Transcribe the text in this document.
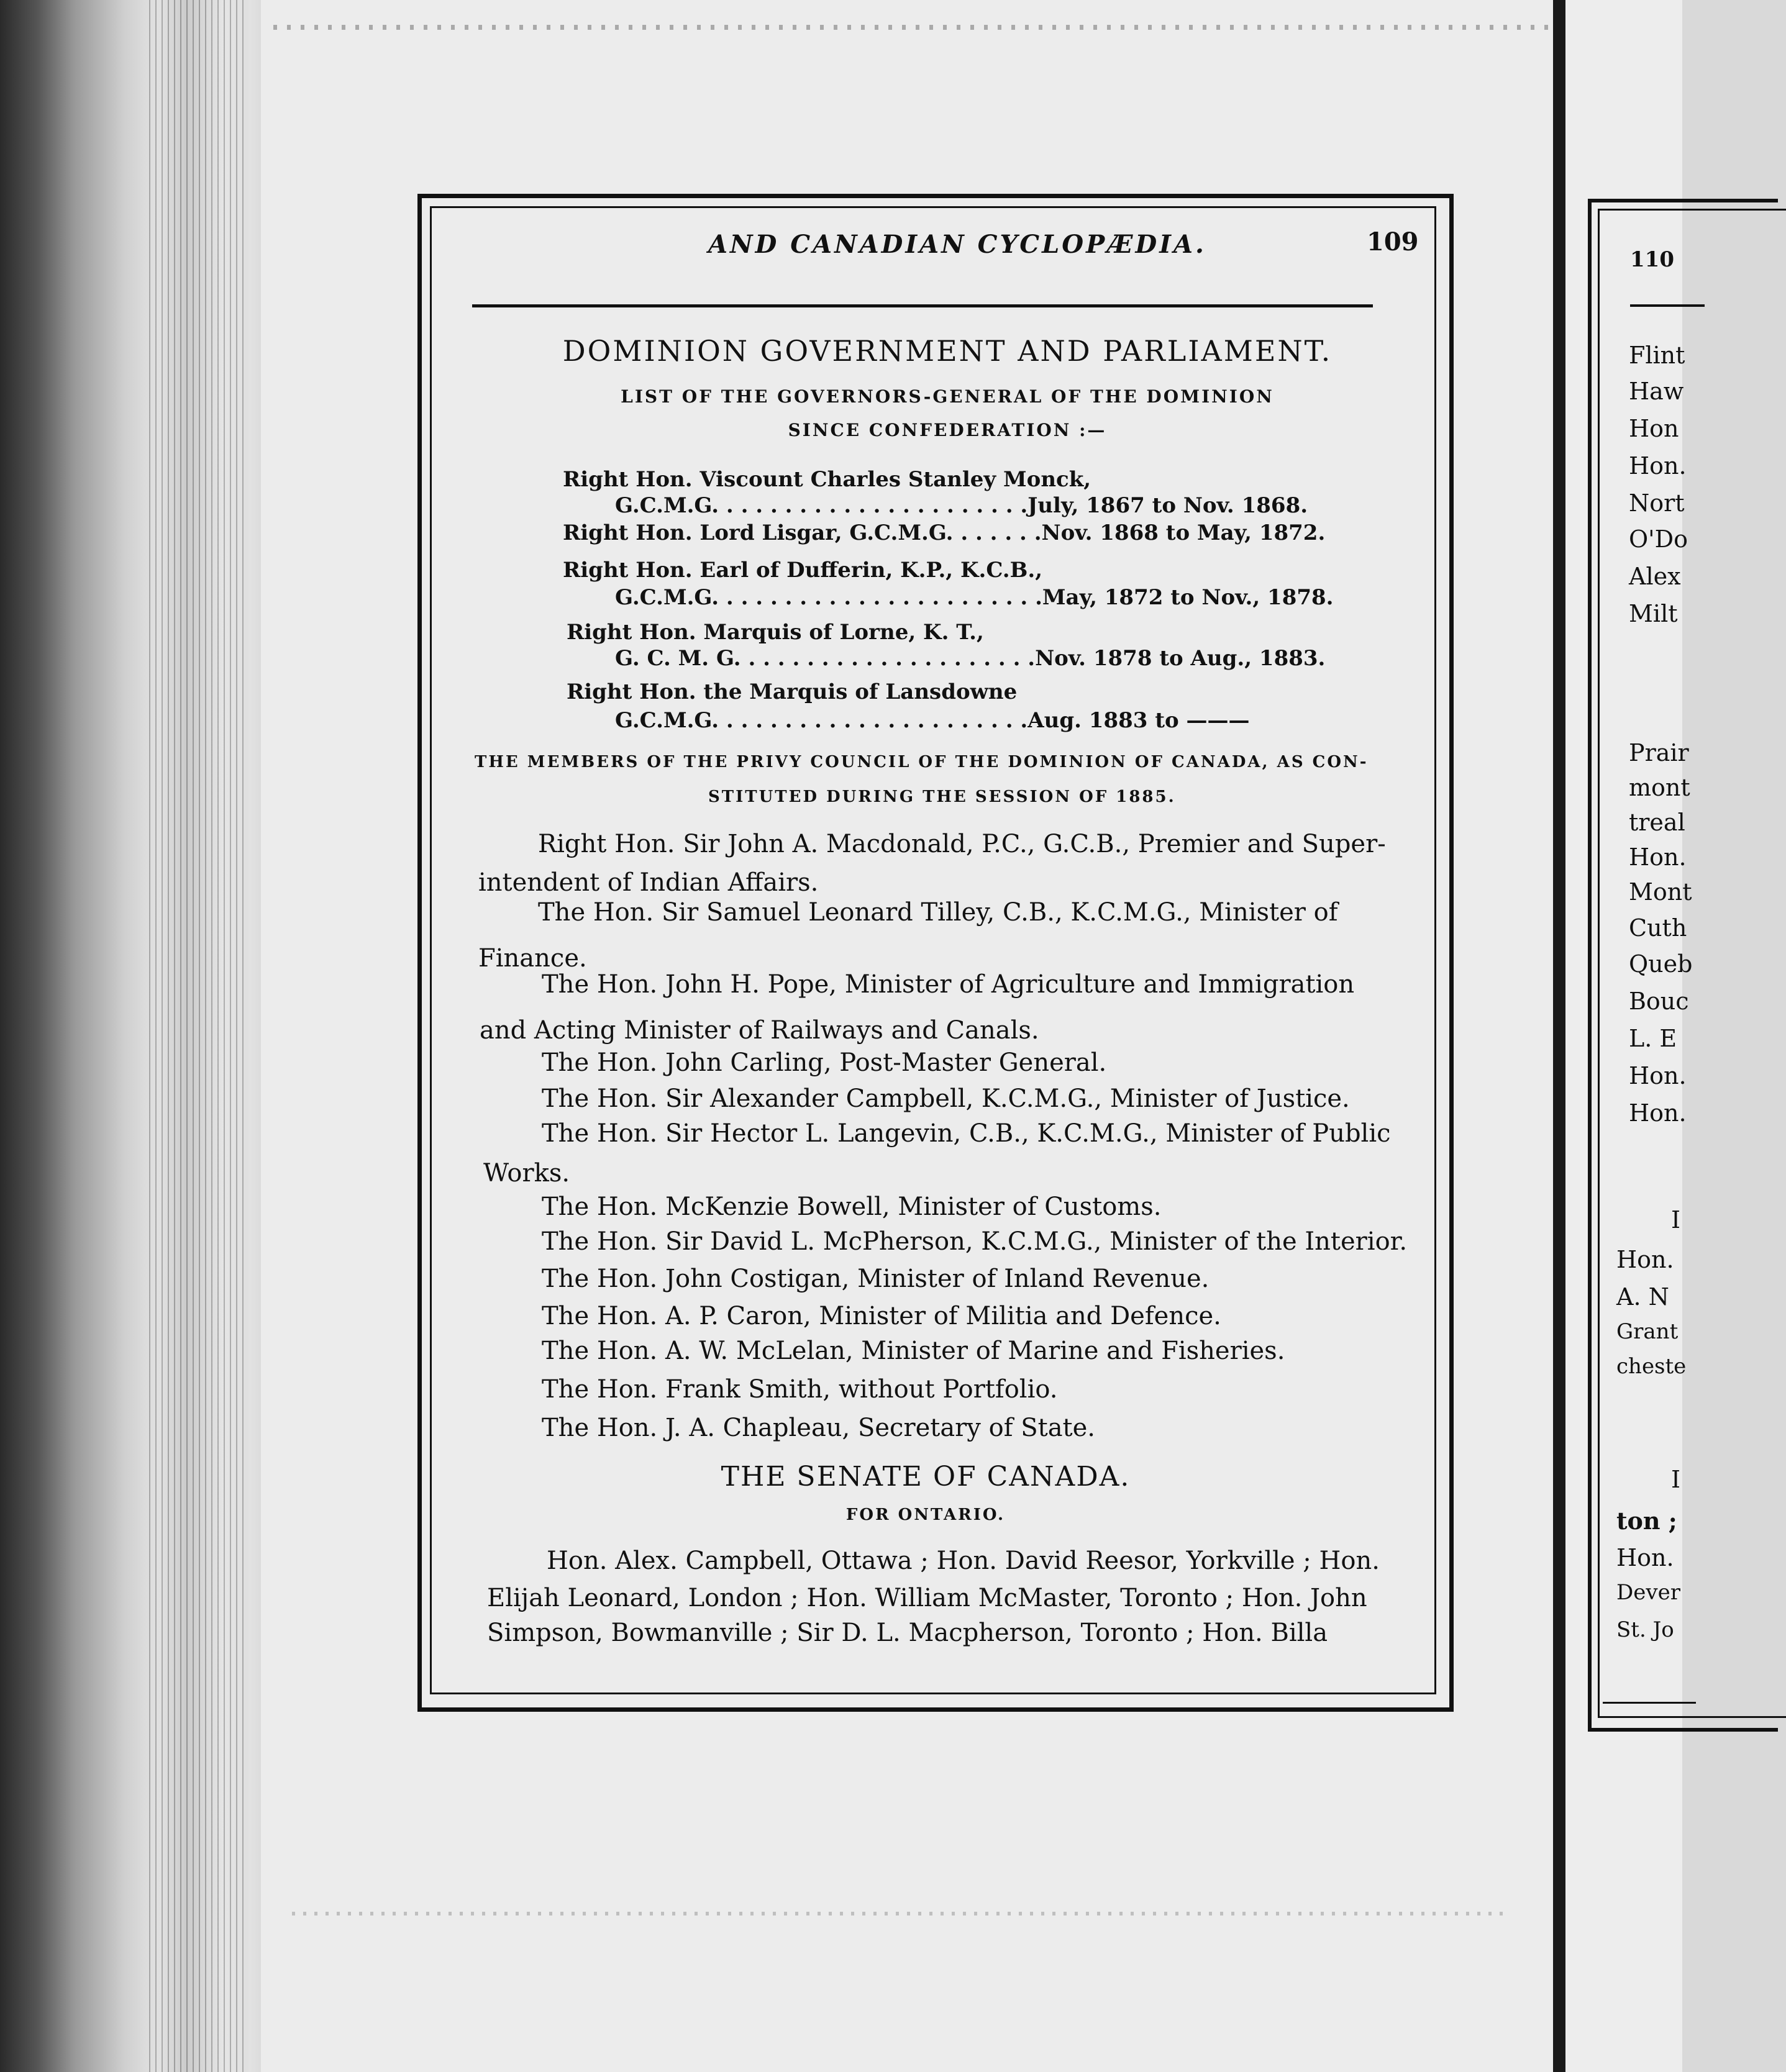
AND CANADIAN CYCLOPÆDIA.	109
DOMINION GOVERNMENT AND PARLIAMENT.
LIST OF THE GOVERNORS-GENERAL OF THE DOMINION
SINCE CONFEDERATION :—
Right Hon. Viscount Charles Stanley Monck,
G.C.M.G. . . . . . . . . . . . . . . . . . . . . .July, 1867 to Nov. 1868.
Right Hon. Lord Lisgar, G.C.M.G. . . . . . .Nov. 1868 to May, 1872.
Right Hon. Earl of Dufferin, K.P., K.C.B.,
G.C.M.G. . . . . . . . . . . . . . . . . . . . . . .May, 1872 to Nov., 1878.
Right Hon. Marquis of Lorne, K. T.,
G. C. M. G. . . . . . . . . . . . . . . . . . . . .Nov. 1878 to Aug., 1883.
Right Hon. the Marquis of Lansdowne
G.C.M.G. . . . . . . . . . . . . . . . . . . . . .Aug. 1883 to ———
THE MEMBERS OF THE PRIVY COUNCIL OF THE DOMINION OF CANADA, AS CON-
STITUTED DURING THE SESSION OF 1885.
Right Hon. Sir John A. Macdonald, P.C., G.C.B., Premier and Super-
intendent of Indian Affairs.
The Hon. Sir Samuel Leonard Tilley, C.B., K.C.M.G., Minister of
Finance.
The Hon. John H. Pope, Minister of Agriculture and Immigration
and Acting Minister of Railways and Canals.
The Hon. John Carling, Post-Master General.
The Hon. Sir Alexander Campbell, K.C.M.G., Minister of Justice.
The Hon. Sir Hector L. Langevin, C.B., K.C.M.G., Minister of Public
Works.
The Hon. McKenzie Bowell, Minister of Customs.
The Hon. Sir David L. McPherson, K.C.M.G., Minister of the Interior.
The Hon. John Costigan, Minister of Inland Revenue.
The Hon. A. P. Caron, Minister of Militia and Defence.
The Hon. A. W. McLelan, Minister of Marine and Fisheries.
The Hon. Frank Smith, without Portfolio.
The Hon. J. A. Chapleau, Secretary of State.
THE SENATE OF CANADA.
FOR ONTARIO.
Hon. Alex. Campbell, Ottawa ; Hon. David Reesor, Yorkville ; Hon.
Elijah Leonard, London ; Hon. William McMaster, Toronto ; Hon. John
Simpson, Bowmanville ; Sir D. L. Macpherson, Toronto ; Hon. Billa
110
Flint
Haw
Hon
Hon.
Nort
O'Do
Alex
Milt
Prair
mont
treal
Hon.
Mont
Cuth
Queb
Bouc
L. E
Hon.
Hon.
I
Hon.
A. N
Grant
cheste
I
ton ;
Hon.
Dever
St. Jo
